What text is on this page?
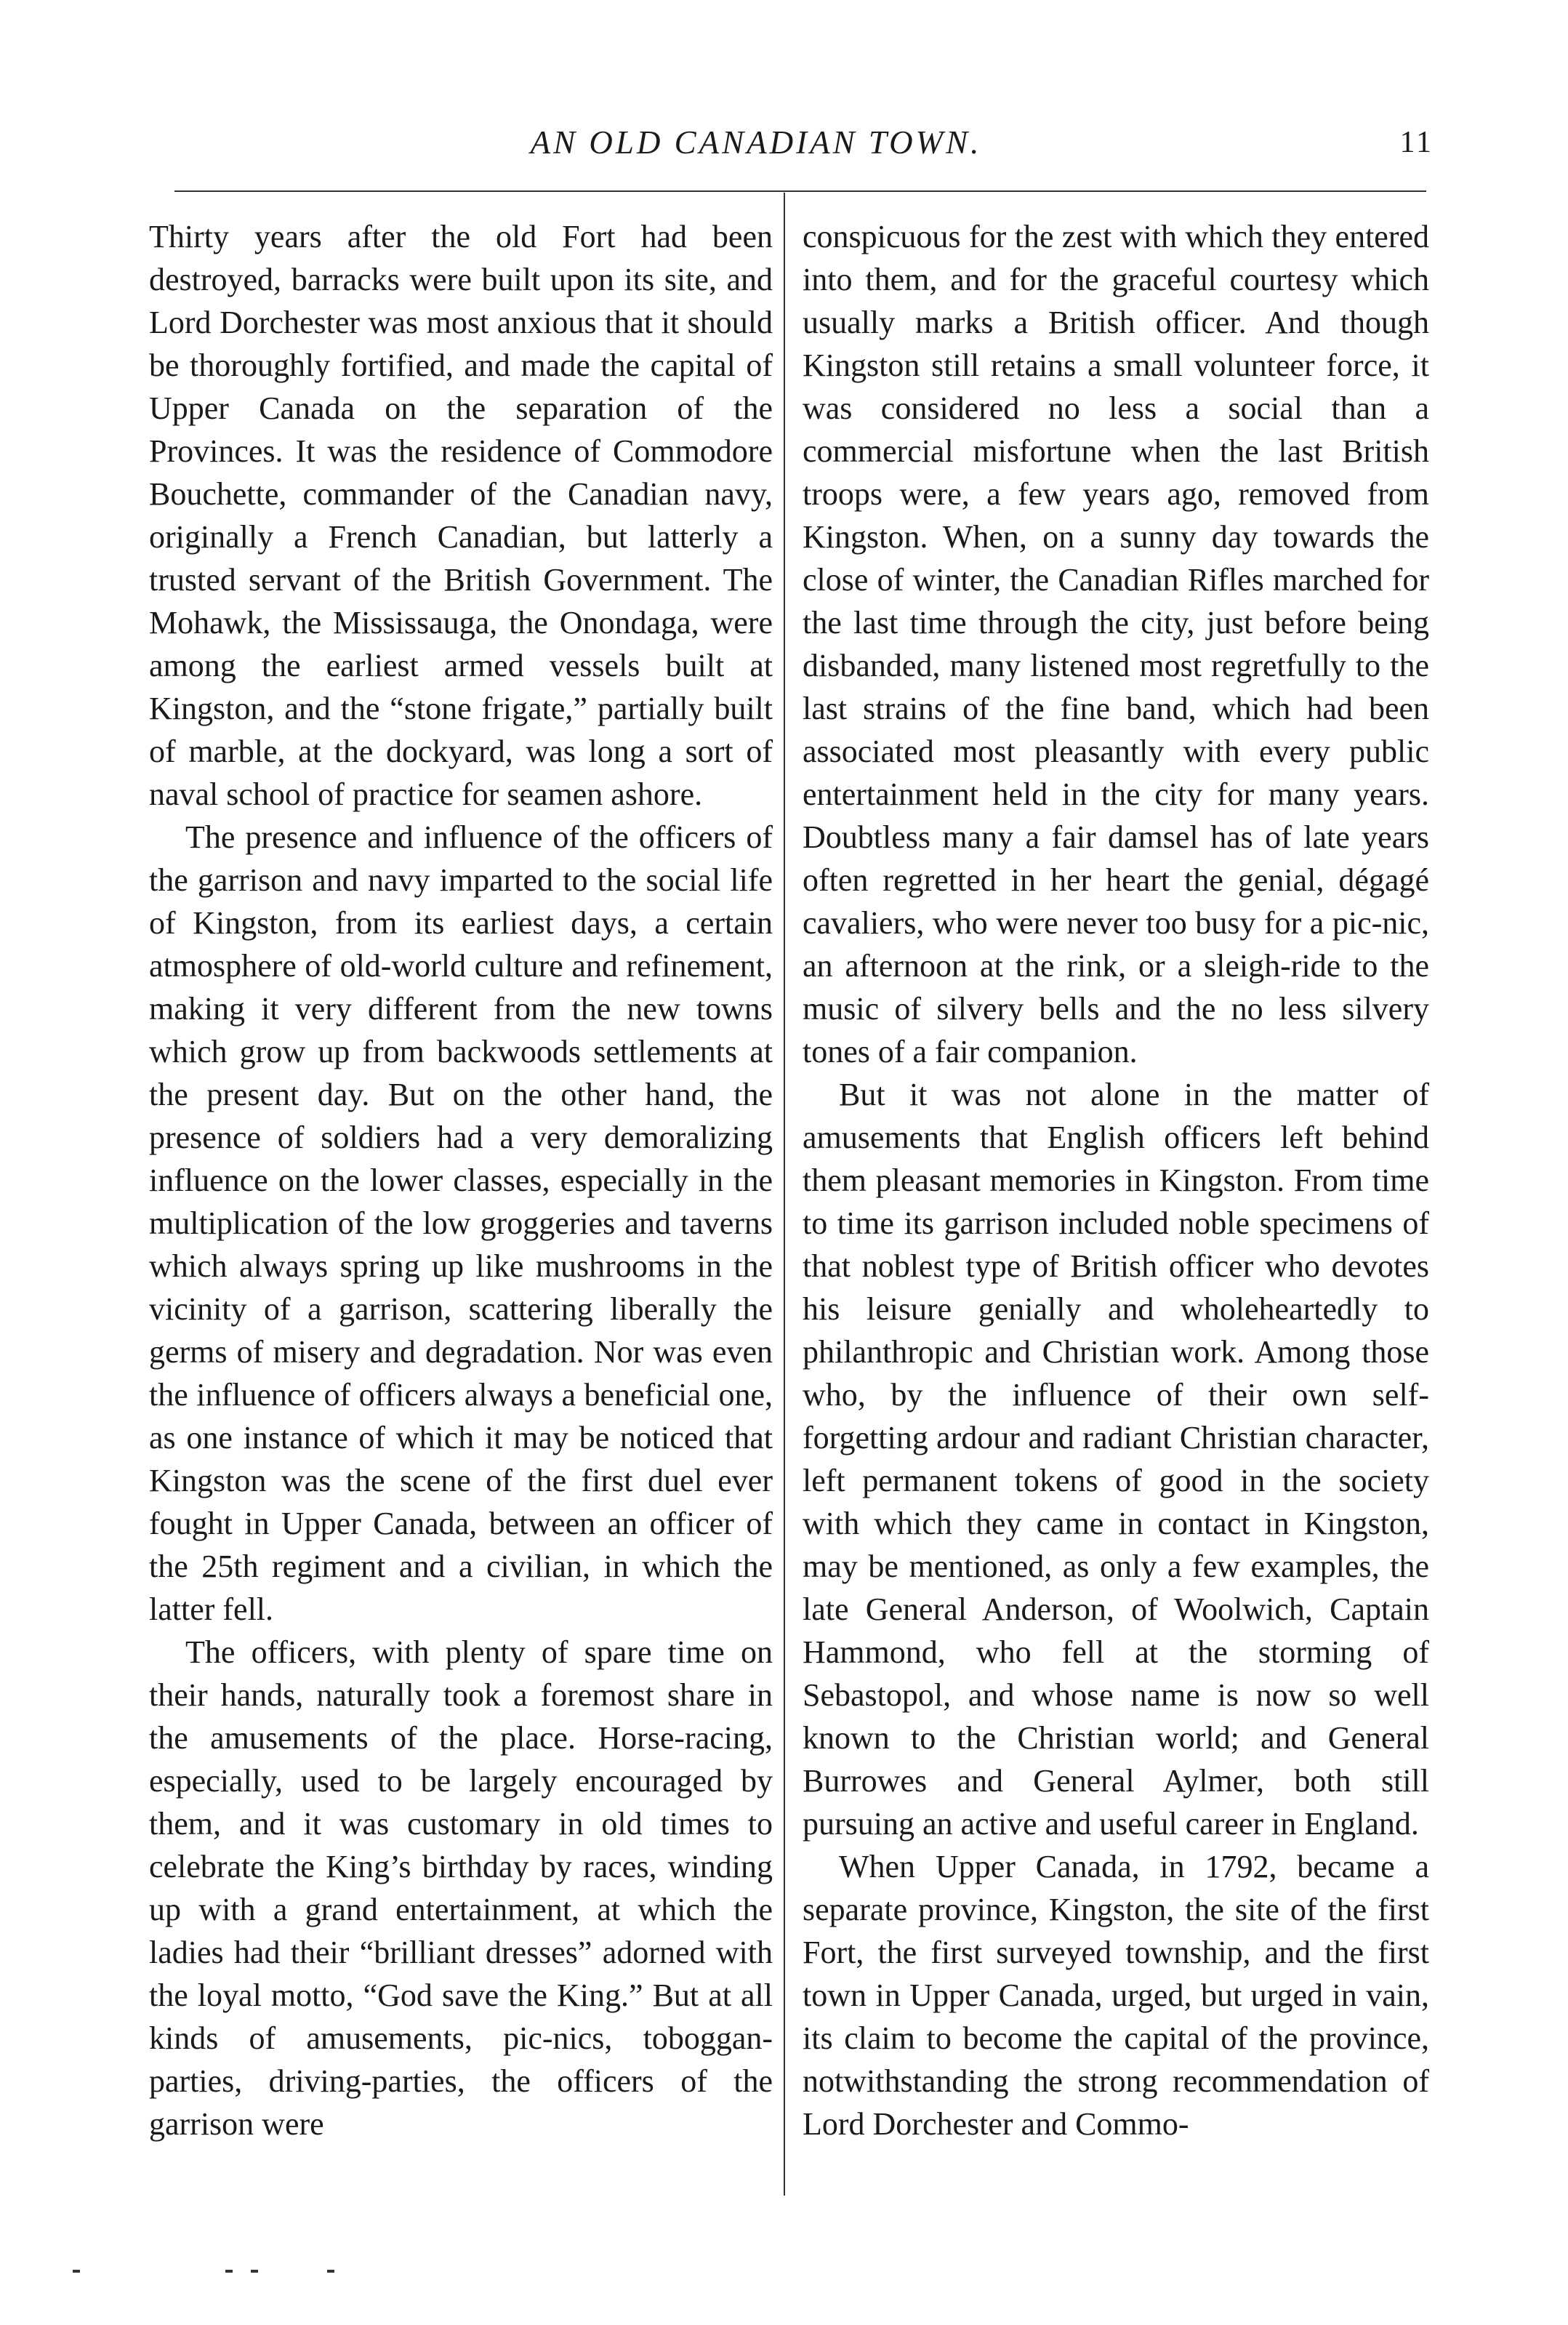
AN OLD CANADIAN TOWN.	11

Thirty years after the old Fort had been destroyed, barracks were built upon its site, and Lord Dorchester was most anxious that it should be thoroughly fortified, and made the capital of Upper Canada on the separation of the Provinces. It was the residence of Commodore Bouchette, commander of the Canadian navy, originally a French Canadian, but latterly a trusted servant of the British Government. The Mohawk, the Mississauga, the Onondaga, were among the earliest armed vessels built at Kingston, and the “stone frigate,” partially built of marble, at the dockyard, was long a sort of naval school of practice for seamen ashore.

The presence and influence of the officers of the garrison and navy imparted to the social life of Kingston, from its earliest days, a certain atmosphere of old-world culture and refinement, making it very different from the new towns which grow up from backwoods settlements at the present day. But on the other hand, the presence of soldiers had a very demoralizing influence on the lower classes, especially in the multiplication of the low groggeries and taverns which always spring up like mushrooms in the vicinity of a garrison, scattering liberally the germs of misery and degradation. Nor was even the influence of officers always a beneficial one, as one instance of which it may be noticed that Kingston was the scene of the first duel ever fought in Upper Canada, between an officer of the 25th regiment and a civilian, in which the latter fell.

The officers, with plenty of spare time on their hands, naturally took a foremost share in the amusements of the place. Horse-racing, especially, used to be largely encouraged by them, and it was customary in old times to celebrate the King’s birthday by races, winding up with a grand entertainment, at which the ladies had their “brilliant dresses” adorned with the loyal motto, “God save the King.” But at all kinds of amusements, pic-nics, toboggan-parties, driving-parties, the officers of the garrison were

conspicuous for the zest with which they entered into them, and for the graceful courtesy which usually marks a British officer. And though Kingston still retains a small volunteer force, it was considered no less a social than a commercial misfortune when the last British troops were, a few years ago, removed from Kingston. When, on a sunny day towards the close of winter, the Canadian Rifles marched for the last time through the city, just before being disbanded, many listened most regretfully to the last strains of the fine band, which had been associated most pleasantly with every public entertainment held in the city for many years. Doubtless many a fair damsel has of late years often regretted in her heart the genial, dégagé cavaliers, who were never too busy for a pic-nic, an afternoon at the rink, or a sleigh-ride to the music of silvery bells and the no less silvery tones of a fair companion.

But it was not alone in the matter of amusements that English officers left behind them pleasant memories in Kingston. From time to time its garrison included noble specimens of that noblest type of British officer who devotes his leisure genially and wholeheartedly to philanthropic and Christian work. Among those who, by the influence of their own self-forgetting ardour and radiant Christian character, left permanent tokens of good in the society with which they came in contact in Kingston, may be mentioned, as only a few examples, the late General Anderson, of Woolwich, Captain Hammond, who fell at the storming of Sebastopol, and whose name is now so well known to the Christian world; and General Burrowes and General Aylmer, both still pursuing an active and useful career in England.

When Upper Canada, in 1792, became a separate province, Kingston, the site of the first Fort, the first surveyed township, and the first town in Upper Canada, urged, but urged in vain, its claim to become the capital of the province, notwithstanding the strong recommendation of Lord Dorchester and Commo-
